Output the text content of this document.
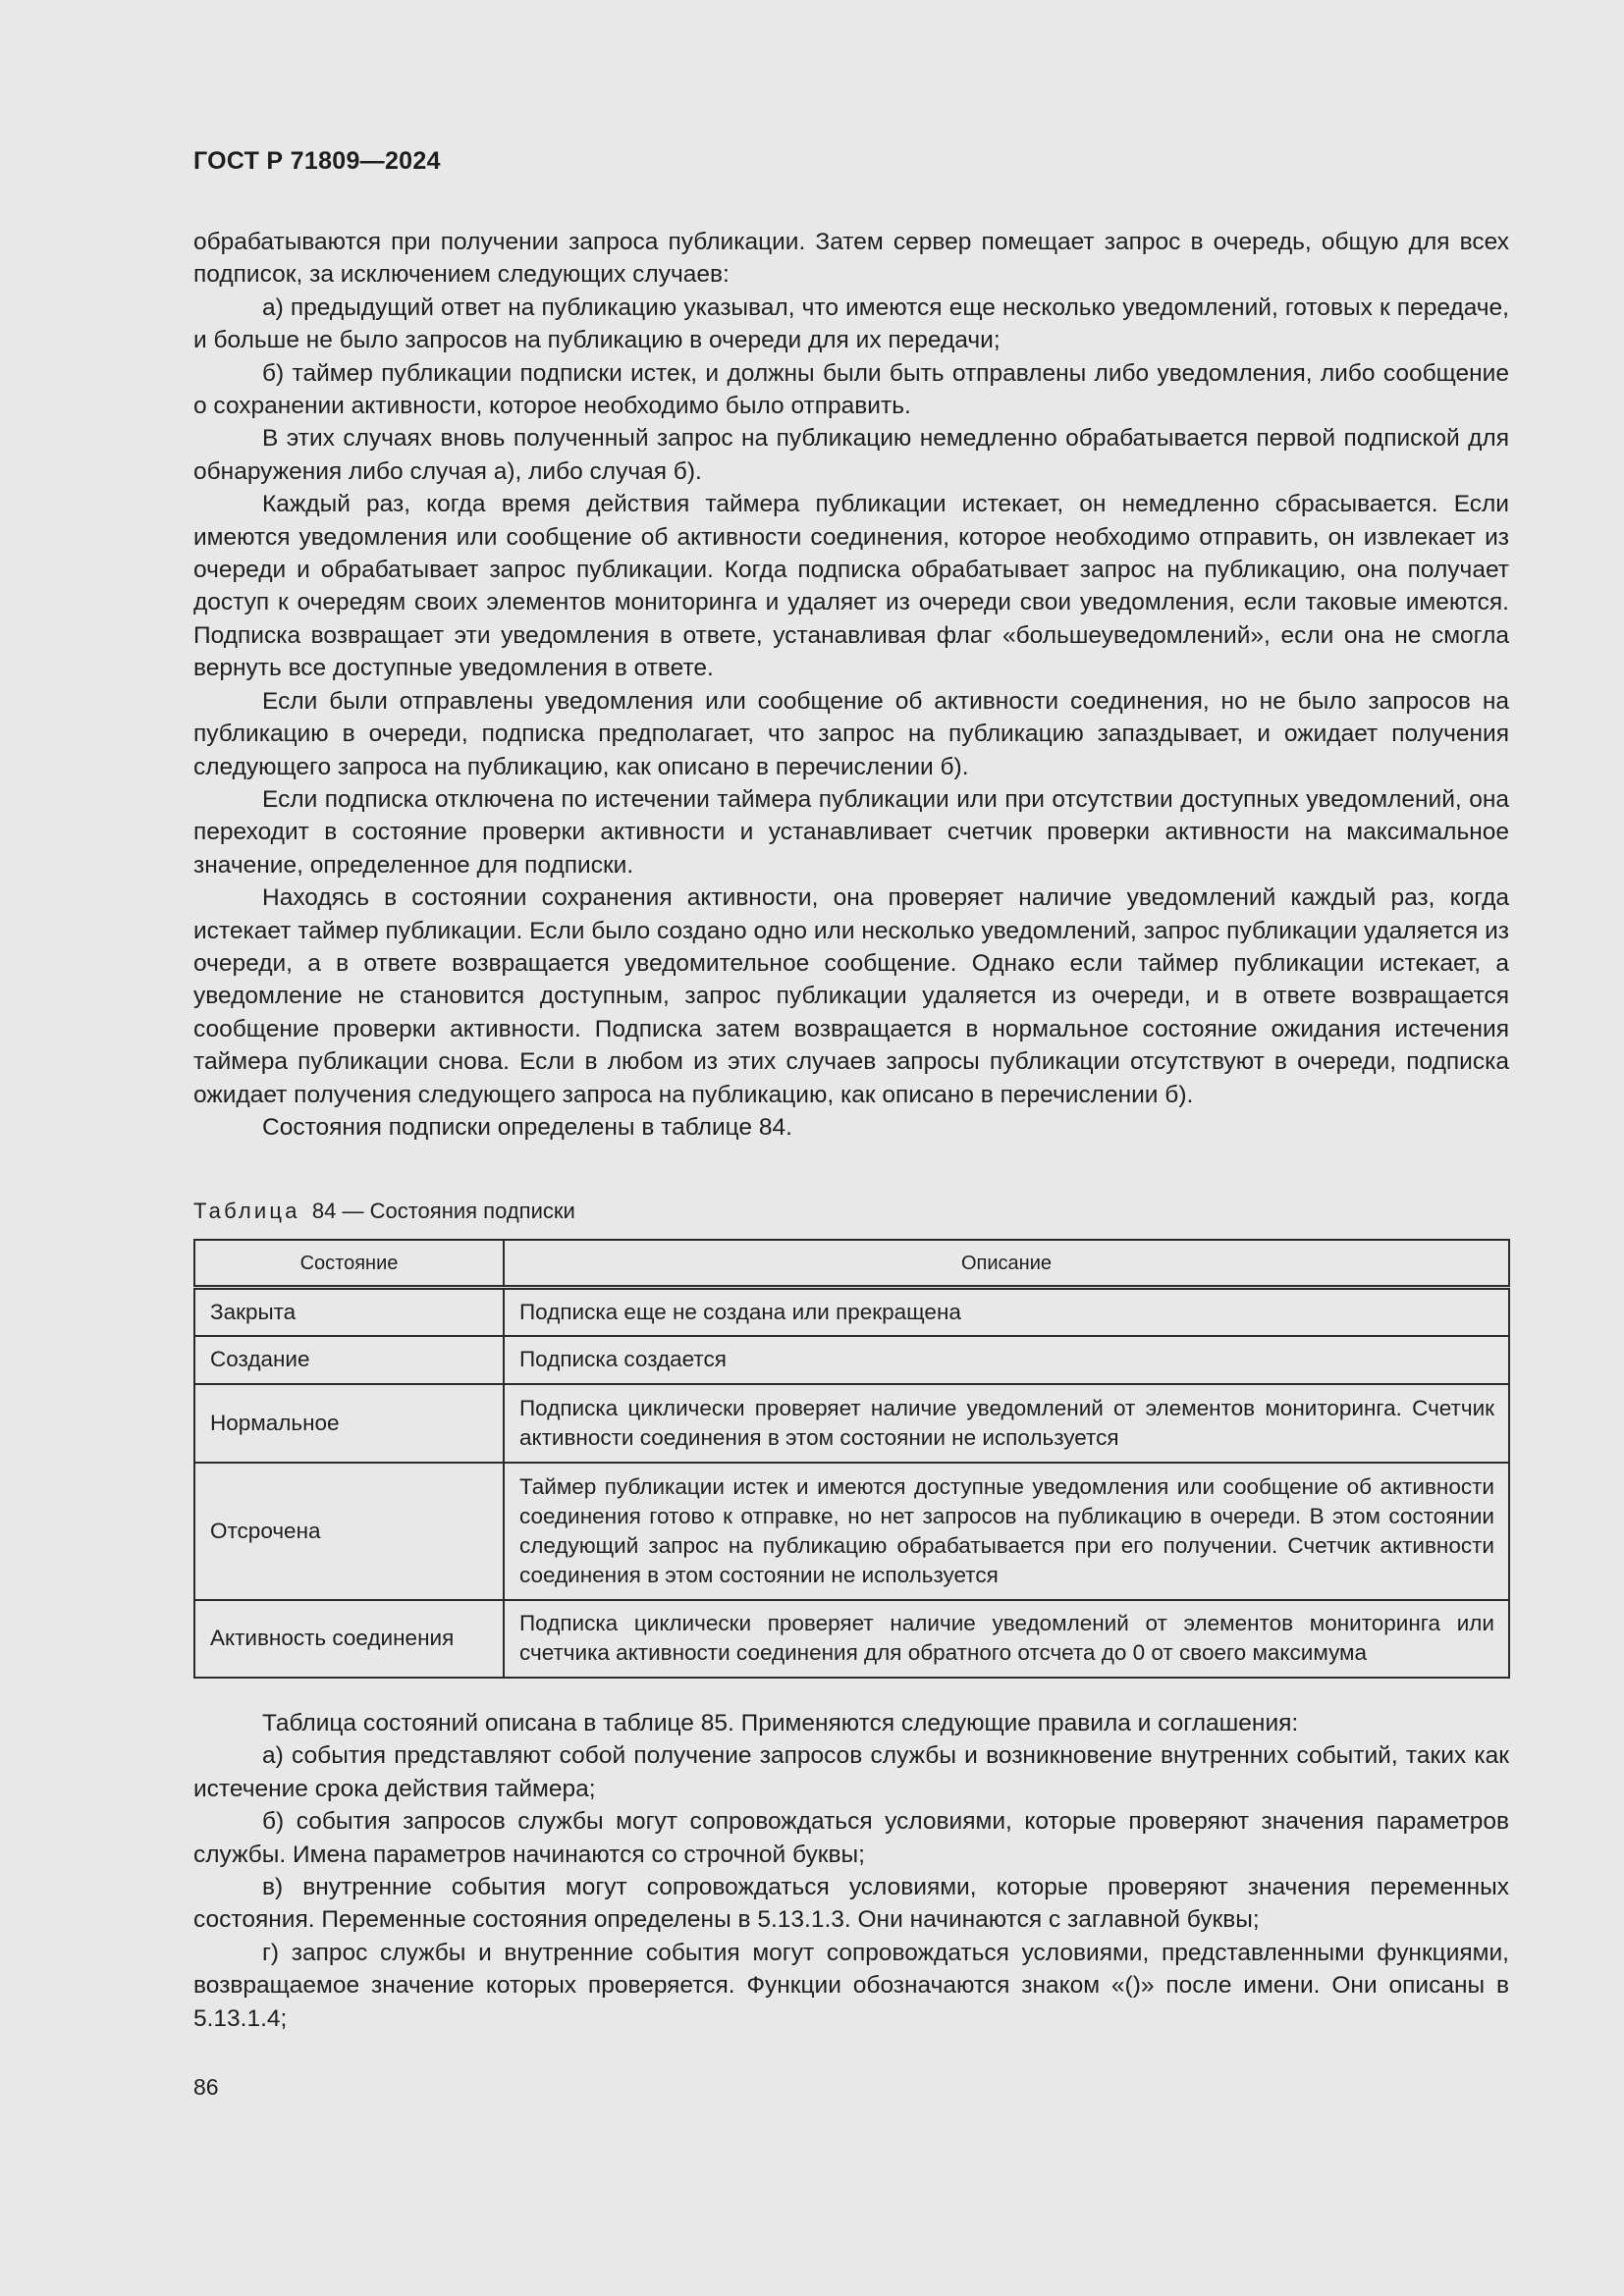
ГОСТ Р 71809—2024

обрабатываются при получении запроса публикации. Затем сервер помещает запрос в очередь, общую для всех подписок, за исключением следующих случаев:

а) предыдущий ответ на публикацию указывал, что имеются еще несколько уведомлений, готовых к передаче, и больше не было запросов на публикацию в очереди для их передачи;

б) таймер публикации подписки истек, и должны были быть отправлены либо уведомления, либо сообщение о сохранении активности, которое необходимо было отправить.

В этих случаях вновь полученный запрос на публикацию немедленно обрабатывается первой подпиской для обнаружения либо случая а), либо случая б).

Каждый раз, когда время действия таймера публикации истекает, он немедленно сбрасывается. Если имеются уведомления или сообщение об активности соединения, которое необходимо отправить, он извлекает из очереди и обрабатывает запрос публикации. Когда подписка обрабатывает запрос на публикацию, она получает доступ к очередям своих элементов мониторинга и удаляет из очереди свои уведомления, если таковые имеются. Подписка возвращает эти уведомления в ответе, устанавливая флаг «большеуведомлений», если она не смогла вернуть все доступные уведомления в ответе.

Если были отправлены уведомления или сообщение об активности соединения, но не было запросов на публикацию в очереди, подписка предполагает, что запрос на публикацию запаздывает, и ожидает получения следующего запроса на публикацию, как описано в перечислении б).

Если подписка отключена по истечении таймера публикации или при отсутствии доступных уведомлений, она переходит в состояние проверки активности и устанавливает счетчик проверки активности на максимальное значение, определенное для подписки.

Находясь в состоянии сохранения активности, она проверяет наличие уведомлений каждый раз, когда истекает таймер публикации. Если было создано одно или несколько уведомлений, запрос публикации удаляется из очереди, а в ответе возвращается уведомительное сообщение. Однако если таймер публикации истекает, а уведомление не становится доступным, запрос публикации удаляется из очереди, и в ответе возвращается сообщение проверки активности. Подписка затем возвращается в нормальное состояние ожидания истечения таймера публикации снова. Если в любом из этих случаев запросы публикации отсутствуют в очереди, подписка ожидает получения следующего запроса на публикацию, как описано в перечислении б).

Состояния подписки определены в таблице 84.

Таблица 84 — Состояния подписки
Состояние	Описание
Закрыта	Подписка еще не создана или прекращена
Создание	Подписка создается
Нормальное	Подписка циклически проверяет наличие уведомлений от элементов мониторинга. Счетчик активности соединения в этом состоянии не используется
Отсрочена	Таймер публикации истек и имеются доступные уведомления или сообщение об активности соединения готово к отправке, но нет запросов на публикацию в очереди. В этом состоянии следующий запрос на публикацию обрабатывается при его получении. Счетчик активности соединения в этом состоянии не используется
Активность соединения	Подписка циклически проверяет наличие уведомлений от элементов мониторинга или счетчика активности соединения для обратного отсчета до 0 от своего максимума

Таблица состояний описана в таблице 85. Применяются следующие правила и соглашения:

а) события представляют собой получение запросов службы и возникновение внутренних событий, таких как истечение срока действия таймера;

б) события запросов службы могут сопровождаться условиями, которые проверяют значения параметров службы. Имена параметров начинаются со строчной буквы;

в) внутренние события могут сопровождаться условиями, которые проверяют значения переменных состояния. Переменные состояния определены в 5.13.1.3. Они начинаются с заглавной буквы;

г) запрос службы и внутренние события могут сопровождаться условиями, представленными функциями, возвращаемое значение которых проверяется. Функции обозначаются знаком «()» после имени. Они описаны в 5.13.1.4;

86
